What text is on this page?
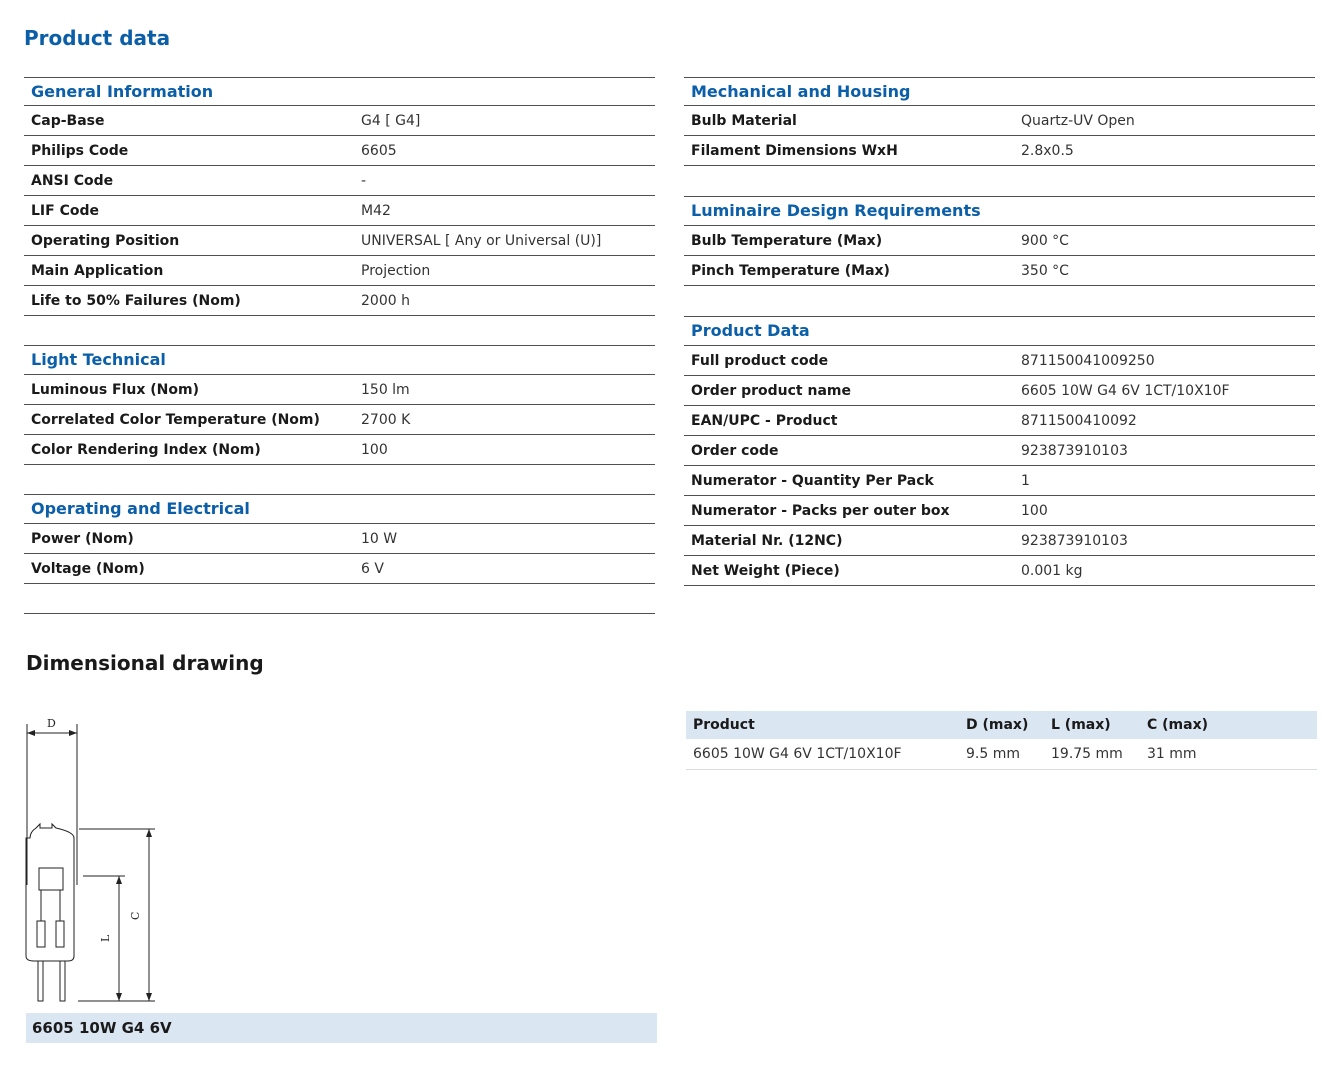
Product data
General Information
Cap-Base	G4 [ G4]
Philips Code	6605
ANSI Code	-
LIF Code	M42
Operating Position	UNIVERSAL [ Any or Universal (U)]
Main Application	Projection
Life to 50% Failures (Nom)	2000 h
Light Technical
Luminous Flux (Nom)	150 lm
Correlated Color Temperature (Nom)	2700 K
Color Rendering Index (Nom)	100
Operating and Electrical
Power (Nom)	10 W
Voltage (Nom)	6 V
Mechanical and Housing
Bulb Material	Quartz-UV Open
Filament Dimensions WxH	2.8x0.5
Luminaire Design Requirements
Bulb Temperature (Max)	900 °C
Pinch Temperature (Max)	350 °C
Product Data
Full product code	871150041009250
Order product name	6605 10W G4 6V 1CT/10X10F
EAN/UPC - Product	8711500410092
Order code	923873910103
Numerator - Quantity Per Pack	1
Numerator - Packs per outer box	100
Material Nr. (12NC)	923873910103
Net Weight (Piece)	0.001 kg
Dimensional drawing
D
C
L
6605 10W G4 6V
Product	D (max)	L (max)	C (max)
6605 10W G4 6V 1CT/10X10F	9.5 mm	19.75 mm	31 mm
